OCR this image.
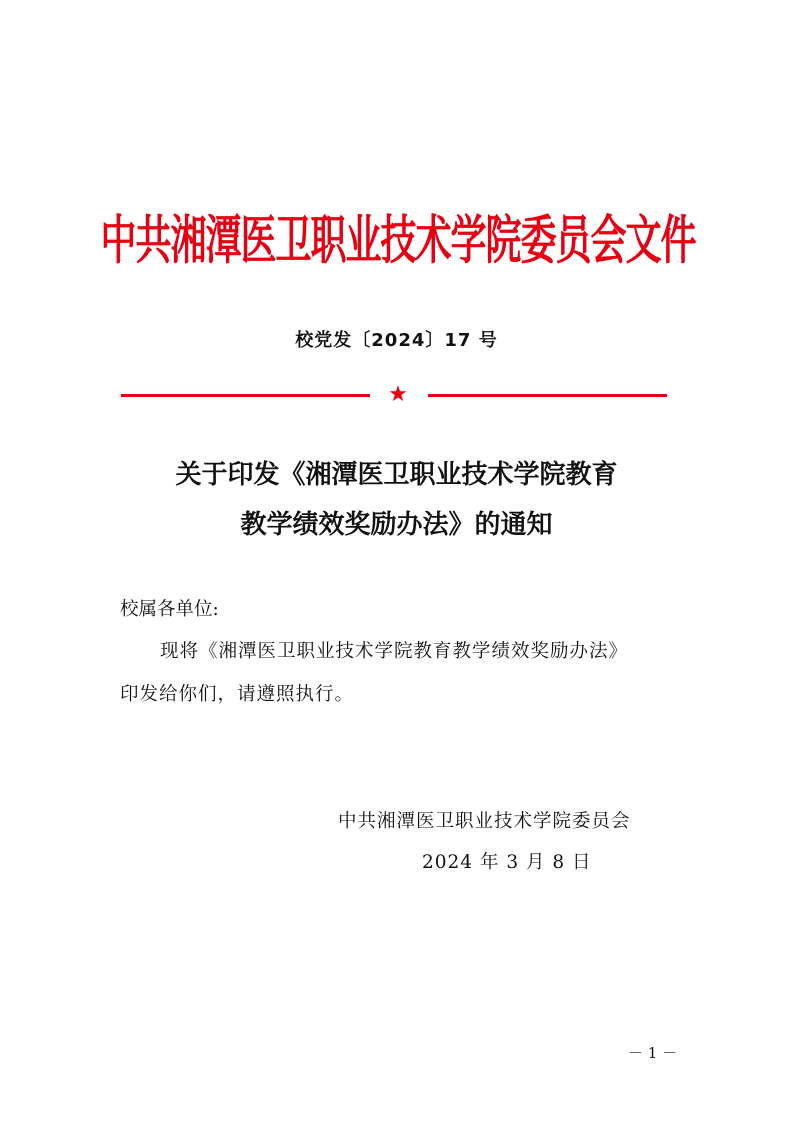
中共湘潭医卫职业技术学院委员会文件
校党发〔2024〕17 号
★
关于印发《湘潭医卫职业技术学院教育
教学绩效奖励办法》的通知
校属各单位:
现将《湘潭医卫职业技术学院教育教学绩效奖励办法》
印发给你们，请遵照执行。
中共湘潭医卫职业技术学院委员会
2024 年 3 月 8 日
－ 1 －
